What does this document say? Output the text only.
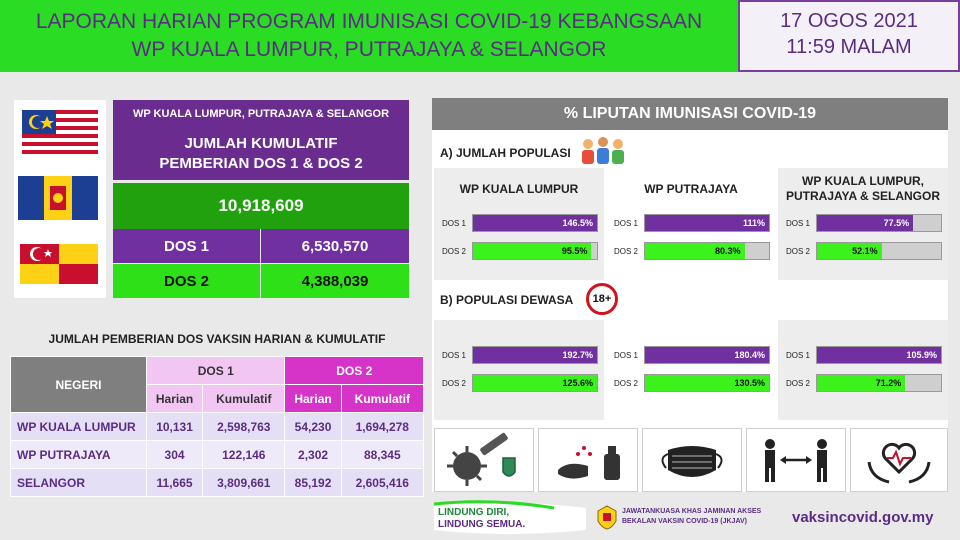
LAPORAN HARIAN PROGRAM IMUNISASI COVID-19 KEBANGSAAN
WP KUALA LUMPUR, PUTRAJAYA & SELANGOR
17 OGOS 2021
11:59 MALAM
WP KUALA LUMPUR, PUTRAJAYA & SELANGOR
JUMLAH KUMULATIF
PEMBERIAN DOS 1 & DOS 2
10,918,609
DOS 1	6,530,570
DOS 2	4,388,039
JUMLAH PEMBERIAN DOS VAKSIN HARIAN & KUMULATIF
NEGERI	DOS 1		DOS 2	
	Harian	Kumulatif	Harian	Kumulatif
WP KUALA LUMPUR	10,131	2,598,763	54,230	1,694,278
WP PUTRAJAYA	304	122,146	2,302	88,345
SELANGOR	11,665	3,809,661	85,192	2,605,416
% LIPUTAN IMUNISASI COVID-19
A) JUMLAH POPULASI
B) POPULASI DEWASA	18+
WP KUALA LUMPUR
DOS 1	146.5%
DOS 2	95.5%
DOS 1	192.7%
DOS 2	125.6%
WP PUTRAJAYA
DOS 1	111%
DOS 2	80.3%
DOS 1	180.4%
DOS 2	130.5%
WP KUALA LUMPUR,
PUTRAJAYA & SELANGOR
DOS 1	77.5%
DOS 2	52.1%
DOS 1	105.9%
DOS 2	71.2%
LINDUNG DIRI,
LINDUNG SEMUA.
JAWATANKUASA KHAS JAMINAN AKSES
BEKALAN VAKSIN COVID-19 (JKJAV)	vaksincovid.gov.my
